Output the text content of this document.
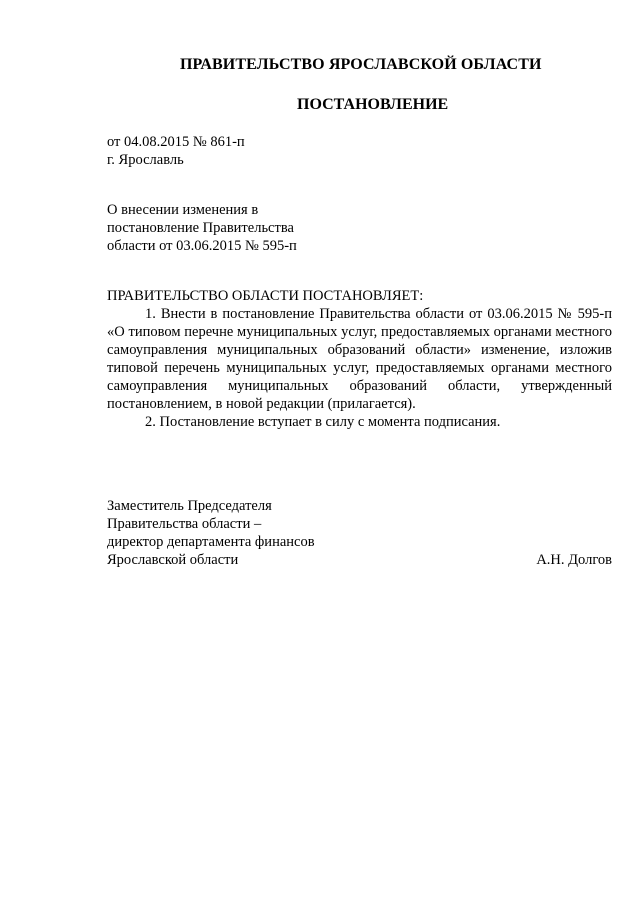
ПРАВИТЕЛЬСТВО ЯРОСЛАВСКОЙ ОБЛАСТИ
ПОСТАНОВЛЕНИЕ
от 04.08.2015 № 861-п
г. Ярославль
О внесении изменения в
постановление Правительства
области от 03.06.2015 № 595-п
ПРАВИТЕЛЬСТВО ОБЛАСТИ ПОСТАНОВЛЯЕТ:

1. Внести в постановление Правительства области от 03.06.2015 № 595-п «О типовом перечне муниципальных услуг, предоставляемых органами местного самоуправления муниципальных образований области» изменение, изложив типовой перечень муниципальных услуг, предоставляемых органами местного самоуправления муниципальных образований области, утвержденный постановлением, в новой редакции (прилагается).

2. Постановление вступает в силу с момента подписания.

Заместитель Председателя
Правительства области –
директор департамента финансов
Ярославской области	А.Н. Долгов
